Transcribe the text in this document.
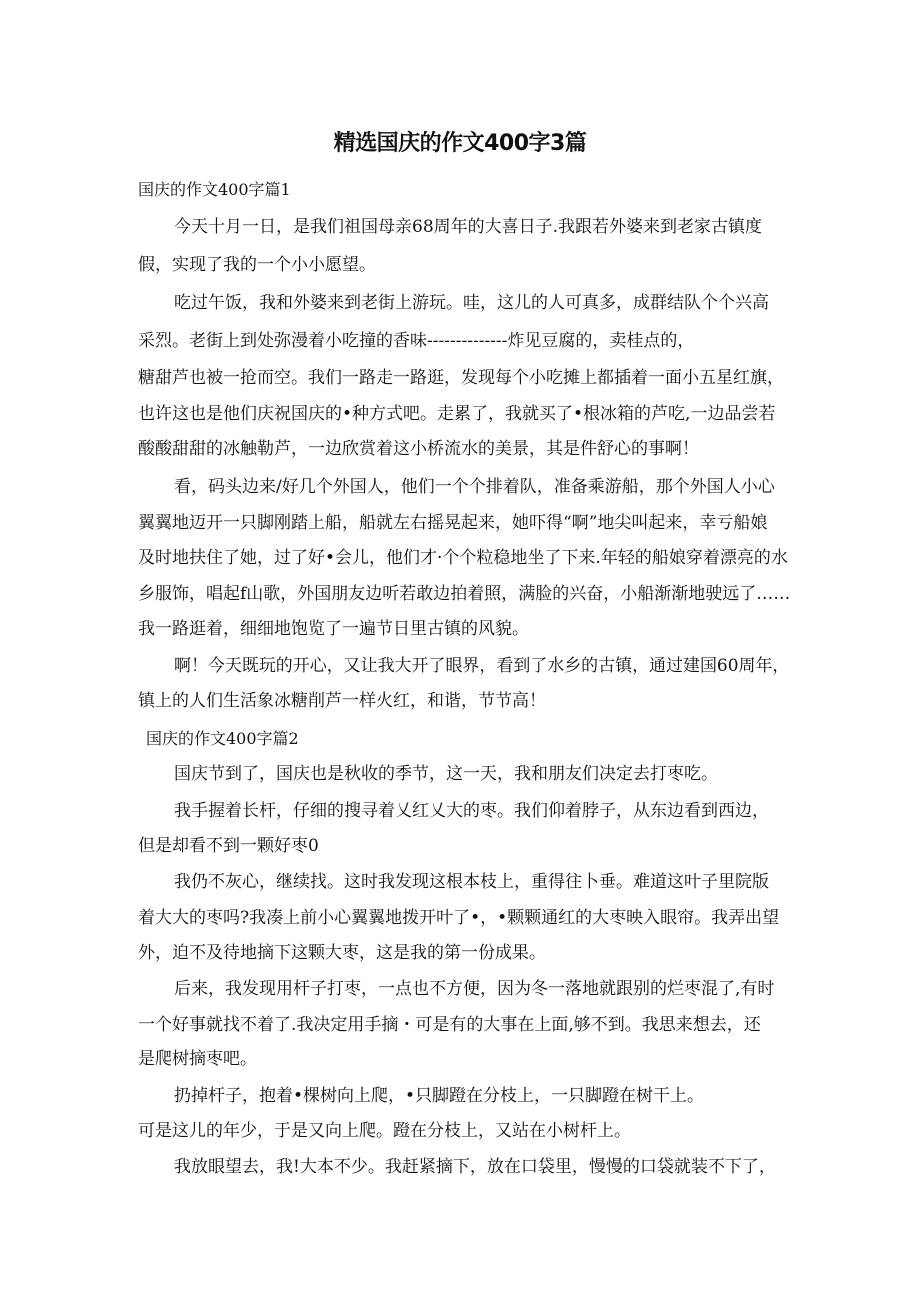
精选国庆的作文400字3篇
国庆的作文400字篇1
今天十月一日，是我们祖国母亲68周年的大喜日子.我跟若外婆来到老家古镇度
假，实现了我的一个小小愿望。
吃过午饭，我和外婆来到老街上游玩。哇，这儿的人可真多，成群结队个个兴高
采烈。老街上到处弥漫着小吃撞的香味--------------炸见豆腐的，卖桂点的，
糖甜芦也被一抢而空。我们一路走一路逛，发现每个小吃摊上都插着一面小五星红旗，
也许这也是他们庆祝国庆的•种方式吧。走累了，我就买了•根冰箱的芦吃,一边品尝若
酸酸甜甜的冰触勒芦，一边欣赏着这小桥流水的美景，其是件舒心的事啊！
看，码头边来/好几个外国人，他们一个个排着队，准备乘游船，那个外国人小心
翼翼地迈开一只脚刚踏上船，船就左右摇晃起来，她吓得“啊”地尖叫起来，幸亏船娘
及时地扶住了她，过了好•会儿，他们才·个个粒稳地坐了下来.年轻的船娘穿着漂亮的水
乡服饰，唱起f山歌，外国朋友边听若敢边拍着照，满脸的兴奋，小船渐渐地驶远了……
我一路逛着，细细地饱览了一遍节日里古镇的风貌。
啊！今天既玩的开心，又让我大开了眼界，看到了水乡的古镇，通过建国60周年，
镇上的人们生活象冰糖削芦一样火红，和谐，节节高！
国庆的作文400字篇2
国庆节到了，国庆也是秋收的季节，这一天，我和朋友们决定去打枣吃。
我手握着长杆，仔细的搜寻着乂红乂大的枣。我们仰着脖子，从东边看到西边，
但是却看不到一颗好枣0
我仍不灰心，继续找。这时我发现这根本枝上，重得往卜垂。难道这叶子里院版
着大大的枣吗?我凑上前小心翼翼地拨开叶了•，•颗颗通红的大枣映入眼帘。我弄出望
外，迫不及待地摘下这颗大枣，这是我的第一份成果。
后来，我发现用杆子打枣，一点也不方便，因为冬一落地就跟别的烂枣混了,有时
一个好事就找不着了.我决定用手摘・可是有的大事在上面,够不到。我思来想去，还
是爬树摘枣吧。
扔掉杆子，抱着•棵树向上爬，•只脚蹬在分枝上，一只脚蹬在树干上。
可是这儿的年少，于是又向上爬。蹬在分枝上，又站在小树杆上。
我放眼望去，我!大本不少。我赶紧摘下，放在口袋里，慢慢的口袋就装不下了，
